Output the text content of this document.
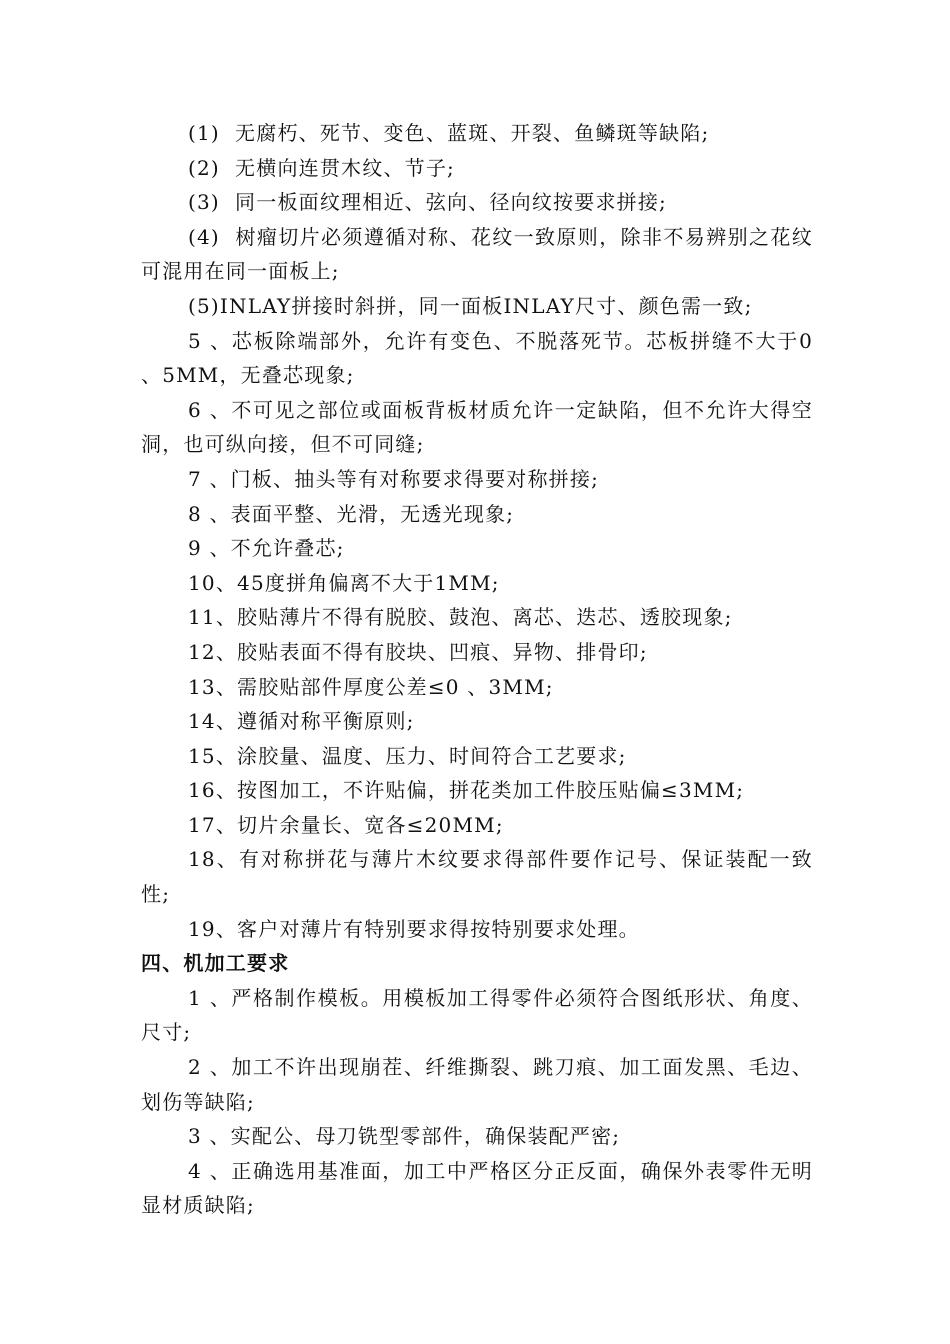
(1)  无腐朽、死节、变色、蓝斑、开裂、鱼鳞斑等缺陷;

(2)  无横向连贯木纹、节子;

(3)  同一板面纹理相近、弦向、径向纹按要求拼接;

(4)  树瘤切片必须遵循对称、花纹一致原则，除非不易辨别之花纹可混用在同一面板上;

(5)INLAY拼接时斜拼，同一面板INLAY尺寸、颜色需一致;

5 、芯板除端部外，允许有变色、不脱落死节。芯板拼缝不大于0 、5MM，无叠芯现象;

6 、不可见之部位或面板背板材质允许一定缺陷，但不允许大得空洞，也可纵向接，但不可同缝;

7 、门板、抽头等有对称要求得要对称拼接;

8 、表面平整、光滑，无透光现象;

9 、不允许叠芯;

10、45度拼角偏离不大于1MM;

11、胶贴薄片不得有脱胶、鼓泡、离芯、迭芯、透胶现象;

12、胶贴表面不得有胶块、凹痕、异物、排骨印;

13、需胶贴部件厚度公差≤0 、3MM;

14、遵循对称平衡原则;

15、涂胶量、温度、压力、时间符合工艺要求;

16、按图加工，不许贴偏，拼花类加工件胶压贴偏≤3MM;

17、切片余量长、宽各≤20MM;

18、有对称拼花与薄片木纹要求得部件要作记号、保证装配一致性;

19、客户对薄片有特别要求得按特别要求处理。

四、机加工要求

1 、严格制作模板。用模板加工得零件必须符合图纸形状、角度、尺寸;

2 、加工不许出现崩茬、纤维撕裂、跳刀痕、加工面发黑、毛边、划伤等缺陷;

3 、实配公、母刀铣型零部件，确保装配严密;

4 、正确选用基准面，加工中严格区分正反面，确保外表零件无明显材质缺陷;
